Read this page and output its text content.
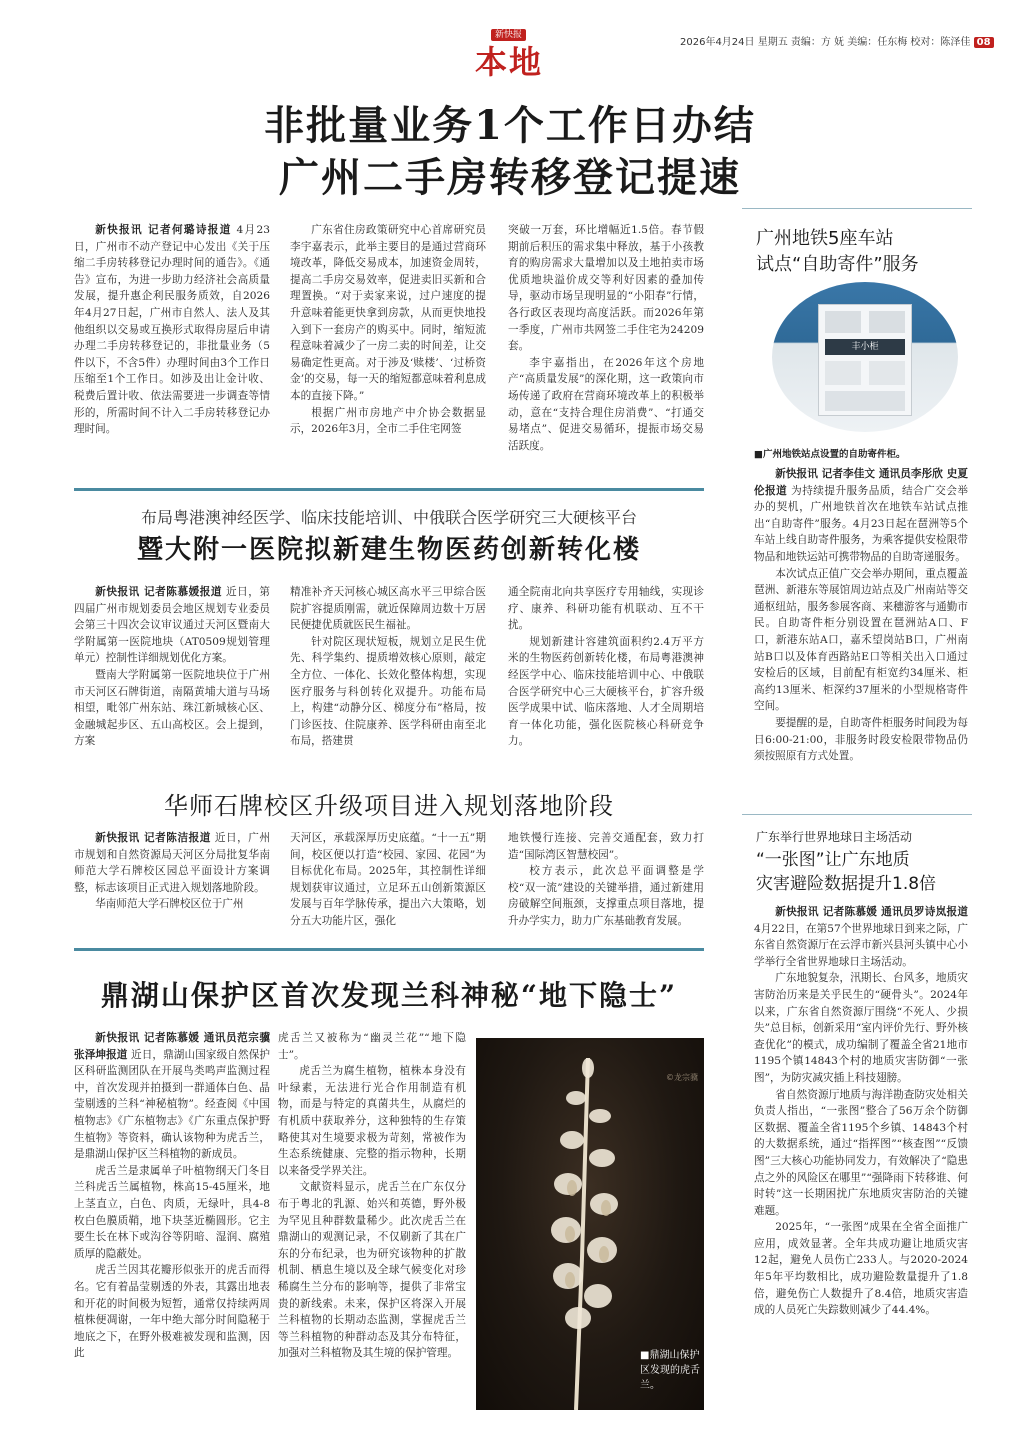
2026年4月24日 星期五 责编：方 妩 美编：任东梅 校对：陈泽佳 08
新快报
本地
非批量业务1个工作日办结
广州二手房转移登记提速
新快报讯 记者何璐诗报道 4月23日，广州市不动产登记中心发出《关于压缩二手房转移登记办理时间的通告》。《通告》宣布，为进一步助力经济社会高质量发展，提升惠企利民服务质效，自2026年4月27日起，广州市自然人、法人及其他组织以交易或互换形式取得房屋后申请办理二手房转移登记的，非批量业务（5件以下，不含5件）办理时间由3个工作日压缩至1个工作日。如涉及出让金计收、税费后置计收、依法需要进一步调查等情形的，所需时间不计入二手房转移登记办理时间。

广东省住房政策研究中心首席研究员李宇嘉表示，此举主要目的是通过营商环境改革，降低交易成本，加速资金周转，提高二手房交易效率，促进卖旧买新和合理置换。“对于卖家来说，过户速度的提升意味着能更快拿到房款，从而更快地投入到下一套房产的购买中。同时，缩短流程意味着减少了一房二卖的时间差，让交易确定性更高。对于涉及‘赎楼’、‘过桥资金’的交易，每一天的缩短都意味着利息成本的直接下降。”

根据广州市房地产中介协会数据显示，2026年3月，全市二手住宅网签

突破一万套，环比增幅近1.5倍。春节假期前后积压的需求集中释放，基于小孩教育的购房需求大量增加以及土地拍卖市场优质地块溢价成交等利好因素的叠加传导，驱动市场呈现明显的“小阳春”行情，各行政区表现均高度活跃。而2026年第一季度，广州市共网签二手住宅为24209套。

李宇嘉指出，在2026年这个房地产“高质量发展”的深化期，这一政策向市场传递了政府在营商环境改革上的积极举动，意在“支持合理住房消费”、“打通交易堵点”、促进交易循环，提振市场交易活跃度。

布局粤港澳神经医学、临床技能培训、中俄联合医学研究三大硬核平台
暨大附一医院拟新建生物医药创新转化楼
新快报讯 记者陈慕媛报道 近日，第四届广州市规划委员会地区规划专业委员会第三十四次会议审议通过天河区暨南大学附属第一医院地块（AT0509规划管理单元）控制性详细规划优化方案。

暨南大学附属第一医院地块位于广州市天河区石牌街道，南隔黄埔大道与马场相望，毗邻广州东站、珠江新城核心区、金融城起步区、五山高校区。会上提到，方案

精准补齐天河核心城区高水平三甲综合医院扩容提质刚需，就近保障周边数十万居民便捷优质就医民生福祉。

针对院区现状短板，规划立足民生优先、科学集约、提质增效核心原则，敲定全方位、一体化、长效化整体构想，实现医疗服务与科创转化双提升。功能布局上，构建“动静分区、梯度分布”格局，按门诊医技、住院康养、医学科研由南至北布局，搭建贯

通全院南北向共享医疗专用轴线，实现诊疗、康养、科研功能有机联动、互不干扰。

规划新建计容建筑面积约2.4万平方米的生物医药创新转化楼，布局粤港澳神经医学中心、临床技能培训中心、中俄联合医学研究中心三大硬核平台，扩容升级医学成果中试、临床落地、人才全周期培育一体化功能，强化医院核心科研竞争力。

华师石牌校区升级项目进入规划落地阶段
新快报讯 记者陈洁报道 近日，广州市规划和自然资源局天河区分局批复华南师范大学石牌校区园总平面设计方案调整，标志该项目正式进入规划落地阶段。

华南师范大学石牌校区位于广州

天河区，承载深厚历史底蕴。“十一五”期间，校区便以打造“校园、家园、花园”为目标优化布局。2025年，其控制性详细规划获审议通过，立足环五山创新策源区发展与百年学脉传承，提出六大策略，划分五大功能片区，强化

地铁慢行连接、完善交通配套，致力打造“国际湾区智慧校园”。

校方表示，此次总平面调整是学校“双一流”建设的关键举措，通过新建用房破解空间瓶颈，支撑重点项目落地，提升办学实力，助力广东基础教育发展。

鼎湖山保护区首次发现兰科神秘“地下隐士”
新快报讯 记者陈慕媛 通讯员范宗骥 张泽坤报道 近日，鼎湖山国家级自然保护区科研监测团队在开展鸟类鸣声监测过程中，首次发现并拍摄到一群通体白色、晶莹剔透的兰科“神秘植物”。经查阅《中国植物志》《广东植物志》《广东重点保护野生植物》等资料，确认该物种为虎舌兰，是鼎湖山保护区兰科植物的新成员。

虎舌兰是隶属单子叶植物纲天门冬目兰科虎舌兰属植物，株高15-45厘米，地上茎直立，白色、肉质，无绿叶，具4-8枚白色膜质鞘，地下块茎近椭圆形。它主要生长在林下或沟谷等阴暗、湿润、腐殖质厚的隐蔽处。

虎舌兰因其花瓣形似张开的虎舌而得名。它有着晶莹剔透的外表，其露出地表和开花的时间极为短暂，通常仅持续两周植株便凋谢，一年中绝大部分时间隐秘于地底之下，在野外极难被发现和监测，因此

虎舌兰又被称为“幽灵兰花”“地下隐士”。

虎舌兰为腐生植物，植株本身没有叶绿素，无法进行光合作用制造有机物，而是与特定的真菌共生，从腐烂的有机质中获取养分，这种独特的生存策略使其对生境要求极为苛刻，常被作为生态系统健康、完整的指示物种，长期以来备受学界关注。

文献资料显示，虎舌兰在广东仅分布于粤北的乳源、始兴和英德，野外极为罕见且种群数量稀少。此次虎舌兰在鼎湖山的观测记录，不仅刷新了其在广东的分布纪录，也为研究该物种的扩散机制、栖息生境以及全球气候变化对珍稀腐生兰分布的影响等，提供了非常宝贵的新线索。未来，保护区将深入开展兰科植物的长期动态监测，掌握虎舌兰等兰科植物的种群动态及其分布特征，加强对兰科植物及其生境的保护管理。

©龙宗骥
■鼎湖山保护区发现的虎舌兰。
广州地铁5座车站
试点“自助寄件”服务
丰小柜
■广州地铁站点设置的自助寄件柜。
新快报讯 记者李佳文 通讯员李彤欣 史夏伦报道 为持续提升服务品质，结合广交会举办的契机，广州地铁首次在地铁车站试点推出“自助寄件”服务。4月23日起在琶洲等5个车站上线自助寄件服务，为乘客提供安检限带物品和地铁运站可携带物品的自助寄递服务。

本次试点正值广交会举办期间，重点覆盖琶洲、新港东等展馆周边站点及广州南站等交通枢纽站，服务参展客商、来穗游客与通勤市民。自助寄件柜分别设置在琶洲站A口、F口，新港东站A口，嘉禾望岗站B口，广州南站B口以及体育西路站E口等相关出入口通过安检后的区域，目前配有柜宽约34厘米、柜高约13厘米、柜深约37厘米的小型规格寄件空间。

要提醒的是，自助寄件柜服务时间段为每日6:00-21:00，非服务时段安检限带物品仍须按照原有方式处置。

广东举行世界地球日主场活动
“一张图”让广东地质
灾害避险数据提升1.8倍
新快报讯 记者陈慕媛 通讯员罗诗岚报道 4月22日，在第57个世界地球日到来之际，广东省自然资源厅在云浮市新兴县河头镇中心小学举行全省世界地球日主场活动。

广东地貌复杂，汛期长、台风多，地质灾害防治历来是关乎民生的“硬骨头”。2024年以来，广东省自然资源厅围绕“不死人、少损失”总目标，创新采用“室内评价先行、野外核查优化”的模式，成功编制了覆盖全省21地市1195个镇14843个村的地质灾害防御“一张图”，为防灾减灾插上科技翅膀。

省自然资源厅地质与海洋勘查防灾处相关负责人指出，“一张图”整合了56万余个防御区数据、覆盖全省1195个乡镇、14843个村的大数据系统，通过“指挥图”“核查图”“反馈图”三大核心功能协同发力，有效解决了“隐患点之外的风险区在哪里”“强降雨下转移谁、何时转”这一长期困扰广东地质灾害防治的关键难题。

2025年，“一张图”成果在全省全面推广应用，成效显著。全年共成功避让地质灾害12起，避免人员伤亡233人。与2020-2024年5年平均数相比，成功避险数量提升了1.8倍，避免伤亡人数提升了8.4倍，地质灾害造成的人员死亡失踪数则减少了44.4%。
